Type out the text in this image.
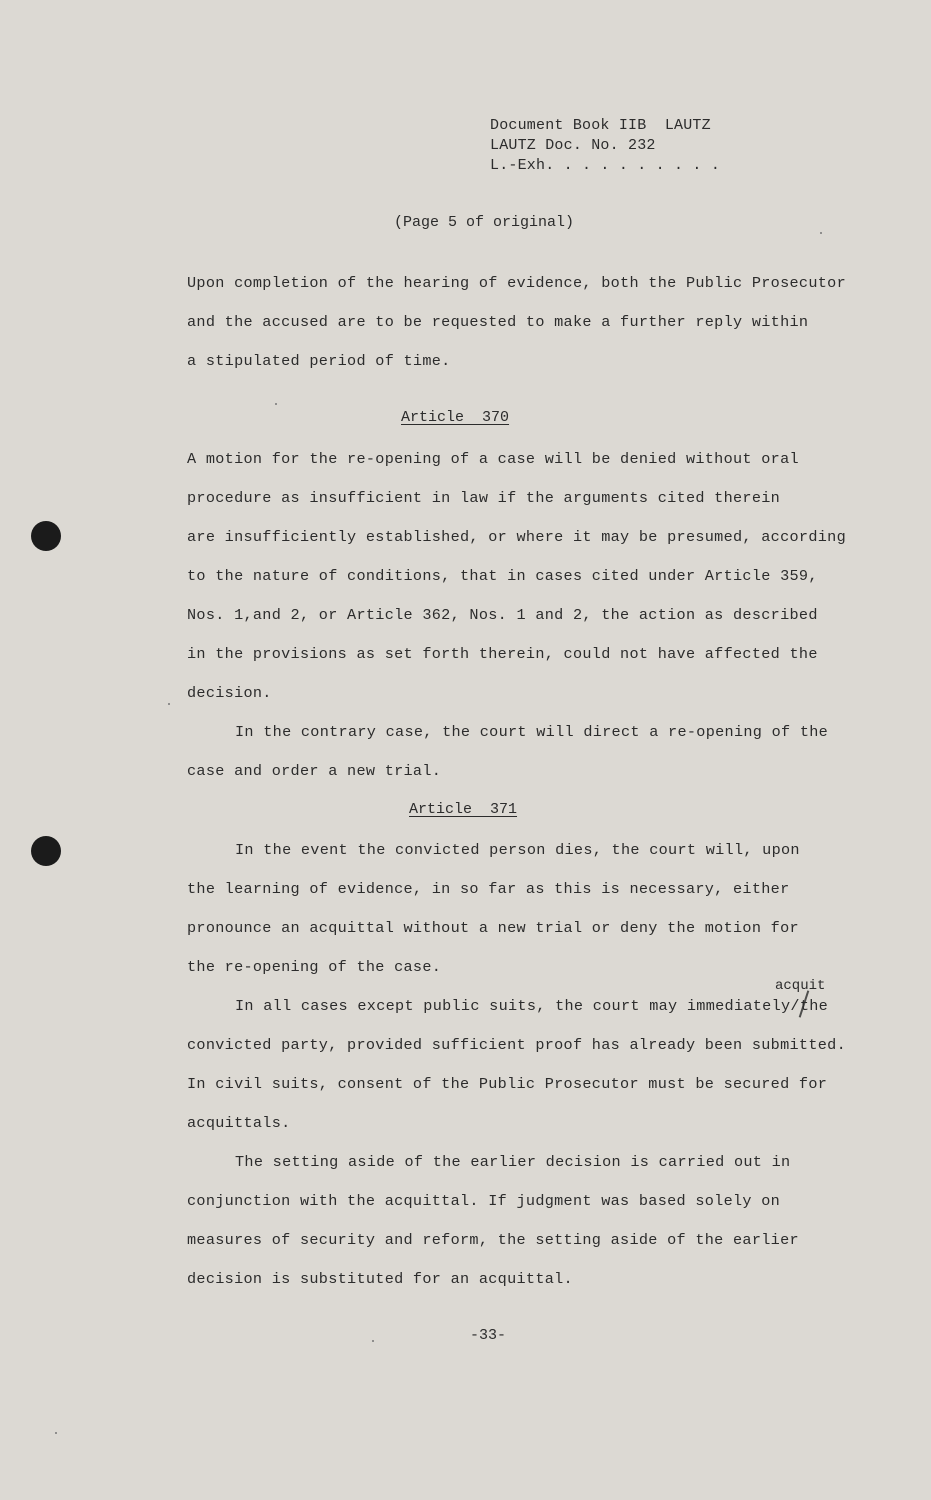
Document Book IIB  LAUTZ
LAUTZ Doc. No. 232
L.-Exh. . . . . . . . . .
(Page 5 of original)
Upon completion of the hearing of evidence, both the Public Prosecutor
and the accused are to be requested to make a further reply within
a stipulated period of time.
Article  370
A motion for the re-opening of a case will be denied without oral
procedure as insufficient in law if the arguments cited therein
are insufficiently established, or where it may be presumed, according
to the nature of conditions, that in cases cited under Article 359,
Nos. 1,and 2, or Article 362, Nos. 1 and 2, the action as described
in the provisions as set forth therein, could not have affected the
decision.
In the contrary case, the court will direct a re-opening of the
case and order a new trial.
Article  371
In the event the convicted person dies, the court will, upon
the learning of evidence, in so far as this is necessary, either
pronounce an acquittal without a new trial or deny the motion for
the re-opening of the case.
acquit
In all cases except public suits, the court may immediately/the
convicted party, provided sufficient proof has already been submitted.
In civil suits, consent of the Public Prosecutor must be secured for
acquittals.
The setting aside of the earlier decision is carried out in
conjunction with the acquittal. If judgment was based solely on
measures of security and reform, the setting aside of the earlier
decision is substituted for an acquittal.
-33-
